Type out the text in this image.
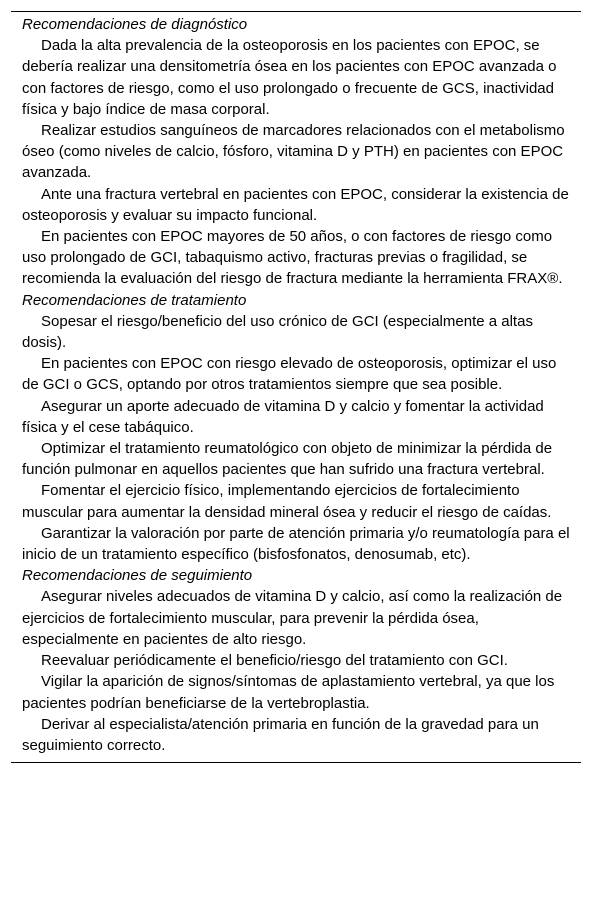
Recomendaciones de diagnóstico
Dada la alta prevalencia de la osteoporosis en los pacientes con EPOC, se debería realizar una densitometría ósea en los pacientes con EPOC avanzada o con factores de riesgo, como el uso prolongado o frecuente de GCS, inactividad física y bajo índice de masa corporal.
Realizar estudios sanguíneos de marcadores relacionados con el metabolismo óseo (como niveles de calcio, fósforo, vitamina D y PTH) en pacientes con EPOC avanzada.
Ante una fractura vertebral en pacientes con EPOC, considerar la existencia de osteoporosis y evaluar su impacto funcional.
En pacientes con EPOC mayores de 50 años, o con factores de riesgo como uso prolongado de GCI, tabaquismo activo, fracturas previas o fragilidad, se recomienda la evaluación del riesgo de fractura mediante la herramienta FRAX®.
Recomendaciones de tratamiento
Sopesar el riesgo/beneficio del uso crónico de GCI (especialmente a altas dosis).
En pacientes con EPOC con riesgo elevado de osteoporosis, optimizar el uso de GCI o GCS, optando por otros tratamientos siempre que sea posible.
Asegurar un aporte adecuado de vitamina D y calcio y fomentar la actividad física y el cese tabáquico.
Optimizar el tratamiento reumatológico con objeto de minimizar la pérdida de función pulmonar en aquellos pacientes que han sufrido una fractura vertebral.
Fomentar el ejercicio físico, implementando ejercicios de fortalecimiento muscular para aumentar la densidad mineral ósea y reducir el riesgo de caídas.
Garantizar la valoración por parte de atención primaria y/o reumatología para el inicio de un tratamiento específico (bisfosfonatos, denosumab, etc).
Recomendaciones de seguimiento
Asegurar niveles adecuados de vitamina D y calcio, así como la realización de ejercicios de fortalecimiento muscular, para prevenir la pérdida ósea, especialmente en pacientes de alto riesgo.
Reevaluar periódicamente el beneficio/riesgo del tratamiento con GCI.
Vigilar la aparición de signos/síntomas de aplastamiento vertebral, ya que los pacientes podrían beneficiarse de la vertebroplastia.
Derivar al especialista/atención primaria en función de la gravedad para un seguimiento correcto.
